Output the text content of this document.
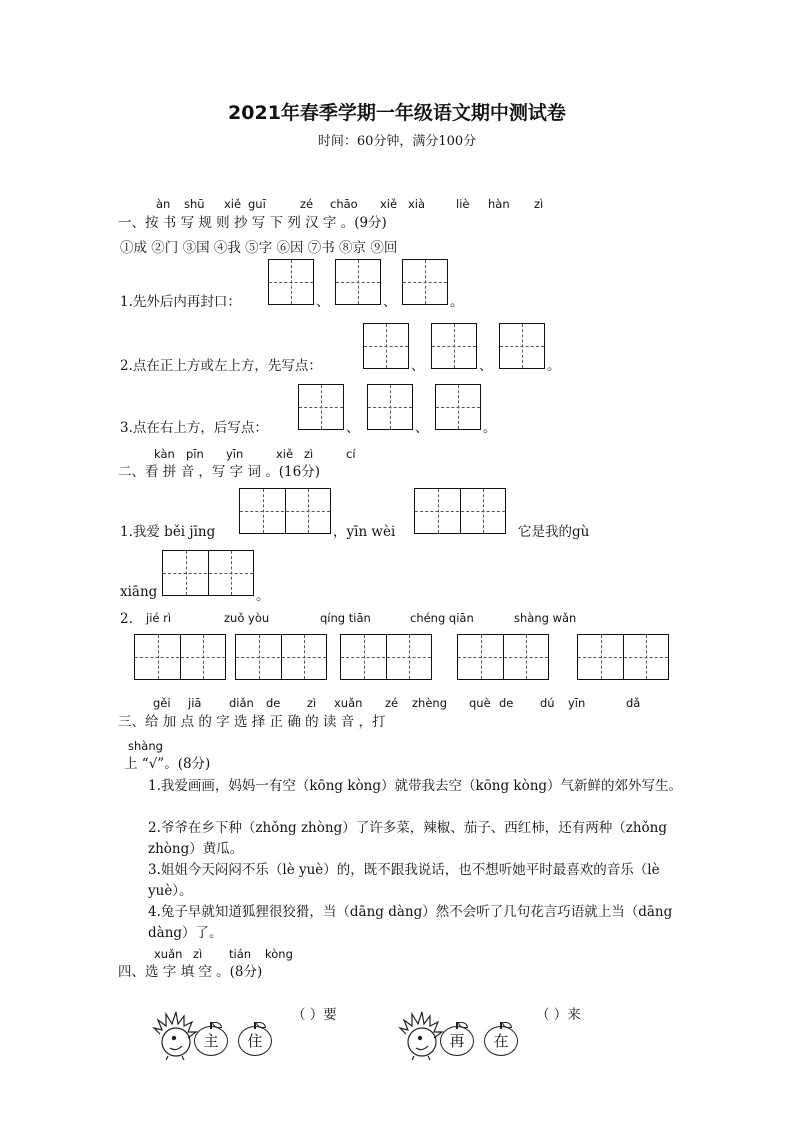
2021年春季学期一年级语文期中测试卷
时间：60分钟，满分100分
àn shū xiě guī	zé chāo xiě xià	liè hàn zì
一、按 书 写 规 则 抄 写 下 列 汉 字 。(9分)
①成 ②门 ③国 ④我 ⑤字 ⑥因 ⑦书 ⑧京 ⑨回
1.先外后内再封口：	、	、	。
2.点在正上方或左上方，先写点：	、	、	。
3.点在右上方，后写点：	、	、	。
kàn pīn yīn	xiě zì	cí
二、看 拼 音 ，写 字 词 。(16分)
1.我爱 běi jīng	，yīn wèi	它是我的gù
xiāng	。
2. jié rì	zuǒ yòu	qíng tiān	chéng qiān	shàng wǎn
gěi jiā diǎn de zì xuǎn zé zhèng què de dú yīn	dǎ
三、给 加 点 的 字 选 择 正 确 的 读 音 ，打
shàng
上 “√”。(8分)
1.我爱画画，妈妈一有空（kōng kòng）就带我去空（kōng kòng）气新鲜的郊外写生。
2.爷爷在乡下种（zhǒng zhòng）了许多菜，辣椒、茄子、西红柿，还有两种（zhǒng zhòng）黄瓜。
3.姐姐今天闷闷不乐（lè yuè）的，既不跟我说话，也不想听她平时最喜欢的音乐（lè yuè）。
4.兔子早就知道狐狸很狡猾，当（dāng dàng）然不会听了几句花言巧语就上当（dāng dàng）了。
xuǎn zì tián kòng
四、选 字 填 空 。(8分)
（ ）要
主	住
（ ）来
再	在
